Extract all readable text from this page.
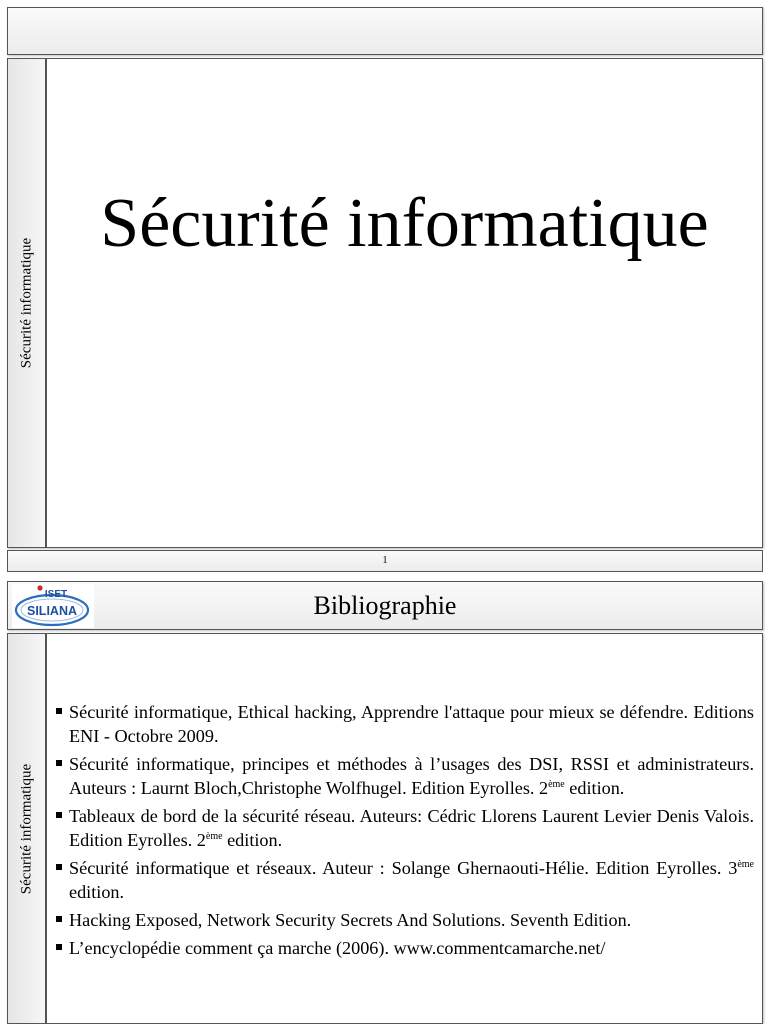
Sécurité informatique
Sécurité informatique
1
ISET
SILIANA	Bibliographie
Sécurité informatique
Sécurité informatique, Ethical hacking, Apprendre l'attaque pour mieux se défendre. Editions ENI - Octobre 2009.
Sécurité informatique, principes et méthodes à l’usages des DSI, RSSI et administrateurs. Auteurs : Laurnt Bloch,Christophe Wolfhugel. Edition Eyrolles. 2ème edition.
Tableaux de bord de la sécurité réseau. Auteurs: Cédric Llorens Laurent Levier Denis Valois. Edition Eyrolles. 2ème edition.
Sécurité informatique et réseaux. Auteur : Solange Ghernaouti-Hélie. Edition Eyrolles. 3ème edition.
Hacking Exposed, Network Security Secrets And Solutions. Seventh Edition.
L’encyclopédie comment ça marche (2006). www.commentcamarche.net/
